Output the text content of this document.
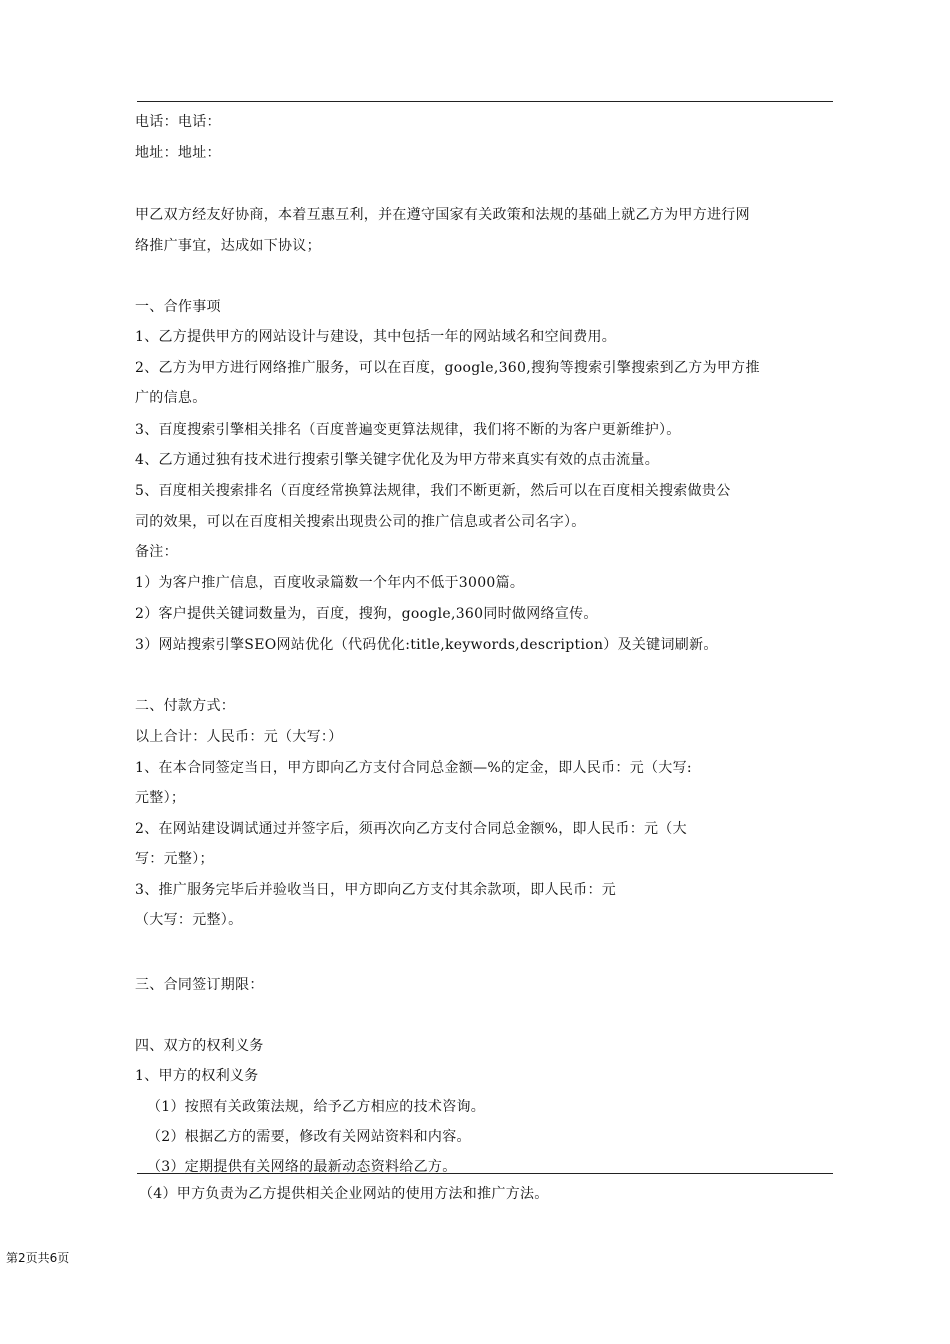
电话：电话：
地址：地址：
甲乙双方经友好协商，本着互惠互利，并在遵守国家有关政策和法规的基础上就乙方为甲方进行网
络推广事宜，达成如下协议；
一、合作事项
1、乙方提供甲方的网站设计与建设，其中包括一年的网站域名和空间费用。
2、乙方为甲方进行网络推广服务，可以在百度，google,360,搜狗等搜索引擎搜索到乙方为甲方推
广的信息。
3、百度搜索引擎相关排名（百度普遍变更算法规律，我们将不断的为客户更新维护）。
4、乙方通过独有技术进行搜索引擎关键字优化及为甲方带来真实有效的点击流量。
5、百度相关搜索排名（百度经常换算法规律，我们不断更新，然后可以在百度相关搜索做贵公
司的效果，可以在百度相关搜索出现贵公司的推广信息或者公司名字）。
备注：
1）为客户推广信息，百度收录篇数一个年内不低于3000篇。
2）客户提供关键词数量为，百度，搜狗，google,360同时做网络宣传。
3）网站搜索引擎SEO网站优化（代码优化:title,keywords,description）及关键词刷新。
二、付款方式：
以上合计：人民币：元（大写：）
1、在本合同签定当日，甲方即向乙方支付合同总金额—%的定金，即人民币：元（大写:
元整）；
2、在网站建设调试通过并签字后，须再次向乙方支付合同总金额%，即人民币：元（大
写：元整）；
3、推广服务完毕后并验收当日，甲方即向乙方支付其余款项，即人民币：元
（大写：元整）。
三、合同签订期限：
四、双方的权利义务
1、甲方的权利义务
（1）按照有关政策法规，给予乙方相应的技术咨询。
（2）根据乙方的需要，修改有关网站资料和内容。
（3）定期提供有关网络的最新动态资料给乙方。
（4）甲方负责为乙方提供相关企业网站的使用方法和推广方法。
第2页共6页
